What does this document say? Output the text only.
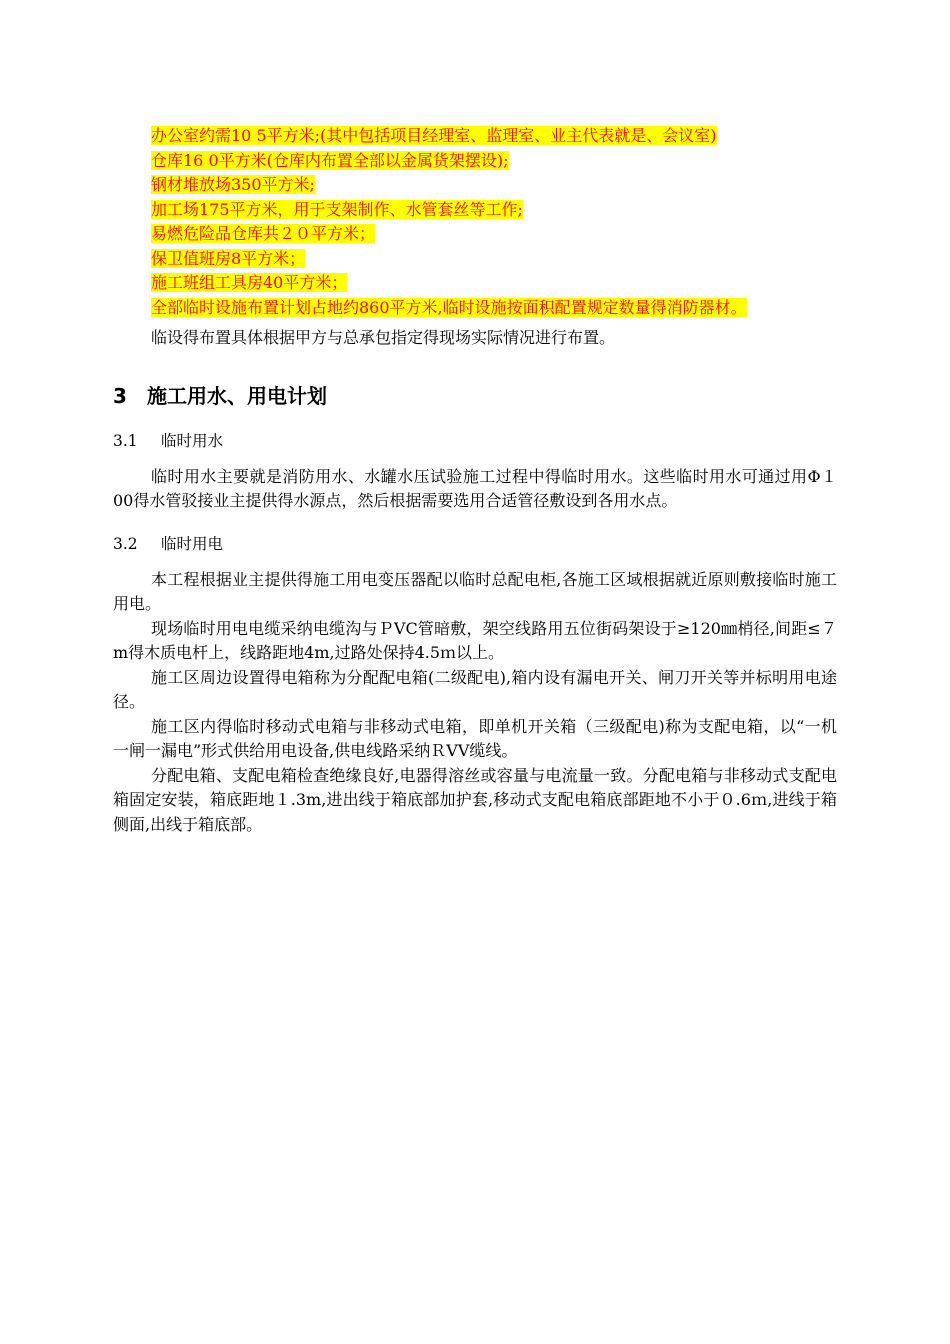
办公室约需10 5平方米;(其中包括项目经理室、监理室、业主代表就是、会议室)

仓库16 0平方米(仓库内布置全部以金属货架摆设);

钢材堆放场350平方米;

加工场175平方米，用于支架制作、水管套丝等工作;

易燃危险品仓库共２０平方米；

保卫值班房8平方米；

施工班组工具房40平方米；

全部临时设施布置计划占地约860平方米,临时设施按面积配置规定数量得消防器材。

临设得布置具体根据甲方与总承包指定得现场实际情况进行布置。

3 施工用水、用电计划
3.1 临时用水

临时用水主要就是消防用水、水罐水压试验施工过程中得临时用水。这些临时用水可通过用Φ１00得水管驳接业主提供得水源点，然后根据需要选用合适管径敷设到各用水点。

3.2 临时用电

本工程根据业主提供得施工用电变压器配以临时总配电柜,各施工区域根据就近原则敷接临时施工用电。

现场临时用电电缆采纳电缆沟与ＰVC管暗敷，架空线路用五位街码架设于≥120㎜梢径,间距≤７m得木质电杆上，线路距地4m,过路处保持4.5ｍ以上。

施工区周边设置得电箱称为分配配电箱(二级配电),箱内设有漏电开关、闸刀开关等并标明用电途径。

施工区内得临时移动式电箱与非移动式电箱，即单机开关箱（三级配电)称为支配电箱，以“一机一闸一漏电”形式供给用电设备,供电线路采纳ＲVV缆线。

分配电箱、支配电箱检查绝缘良好,电器得溶丝或容量与电流量一致。分配电箱与非移动式支配电箱固定安装，箱底距地１.3m,进出线于箱底部加护套,移动式支配电箱底部距地不小于０.6ｍ,进线于箱侧面,出线于箱底部。
